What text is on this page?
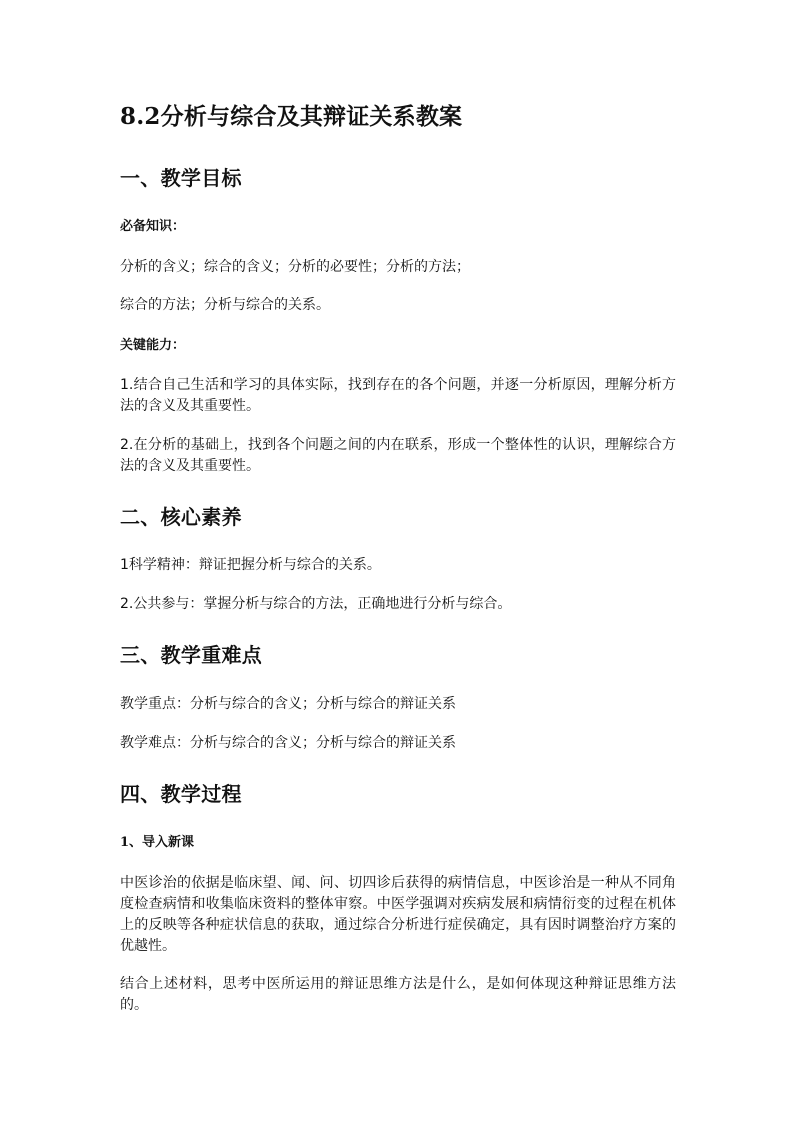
8.2分析与综合及其辩证关系教案
一、教学目标
必备知识：

分析的含义；综合的含义；分析的必要性；分析的方法；

综合的方法；分析与综合的关系。

关键能力：

1.结合自己生活和学习的具体实际，找到存在的各个问题，并逐一分析原因，理解分析方法的含义及其重要性。

2.在分析的基础上，找到各个问题之间的内在联系，形成一个整体性的认识，理解综合方法的含义及其重要性。

二、核心素养

1科学精神：辩证把握分析与综合的关系。

2.公共参与：掌握分析与综合的方法，正确地进行分析与综合。

三、教学重难点

教学重点：分析与综合的含义；分析与综合的辩证关系

教学难点：分析与综合的含义；分析与综合的辩证关系

四、教学过程
1、导入新课

中医诊治的依据是临床望、闻、问、切四诊后获得的病情信息，中医诊治是一种从不同角度检查病情和收集临床资料的整体审察。中医学强调对疾病发展和病情衍变的过程在机体上的反映等各种症状信息的获取，通过综合分析进行症侯确定，具有因时调整治疗方案的优越性。

结合上述材料，思考中医所运用的辩证思维方法是什么，是如何体现这种辩证思维方法的。
